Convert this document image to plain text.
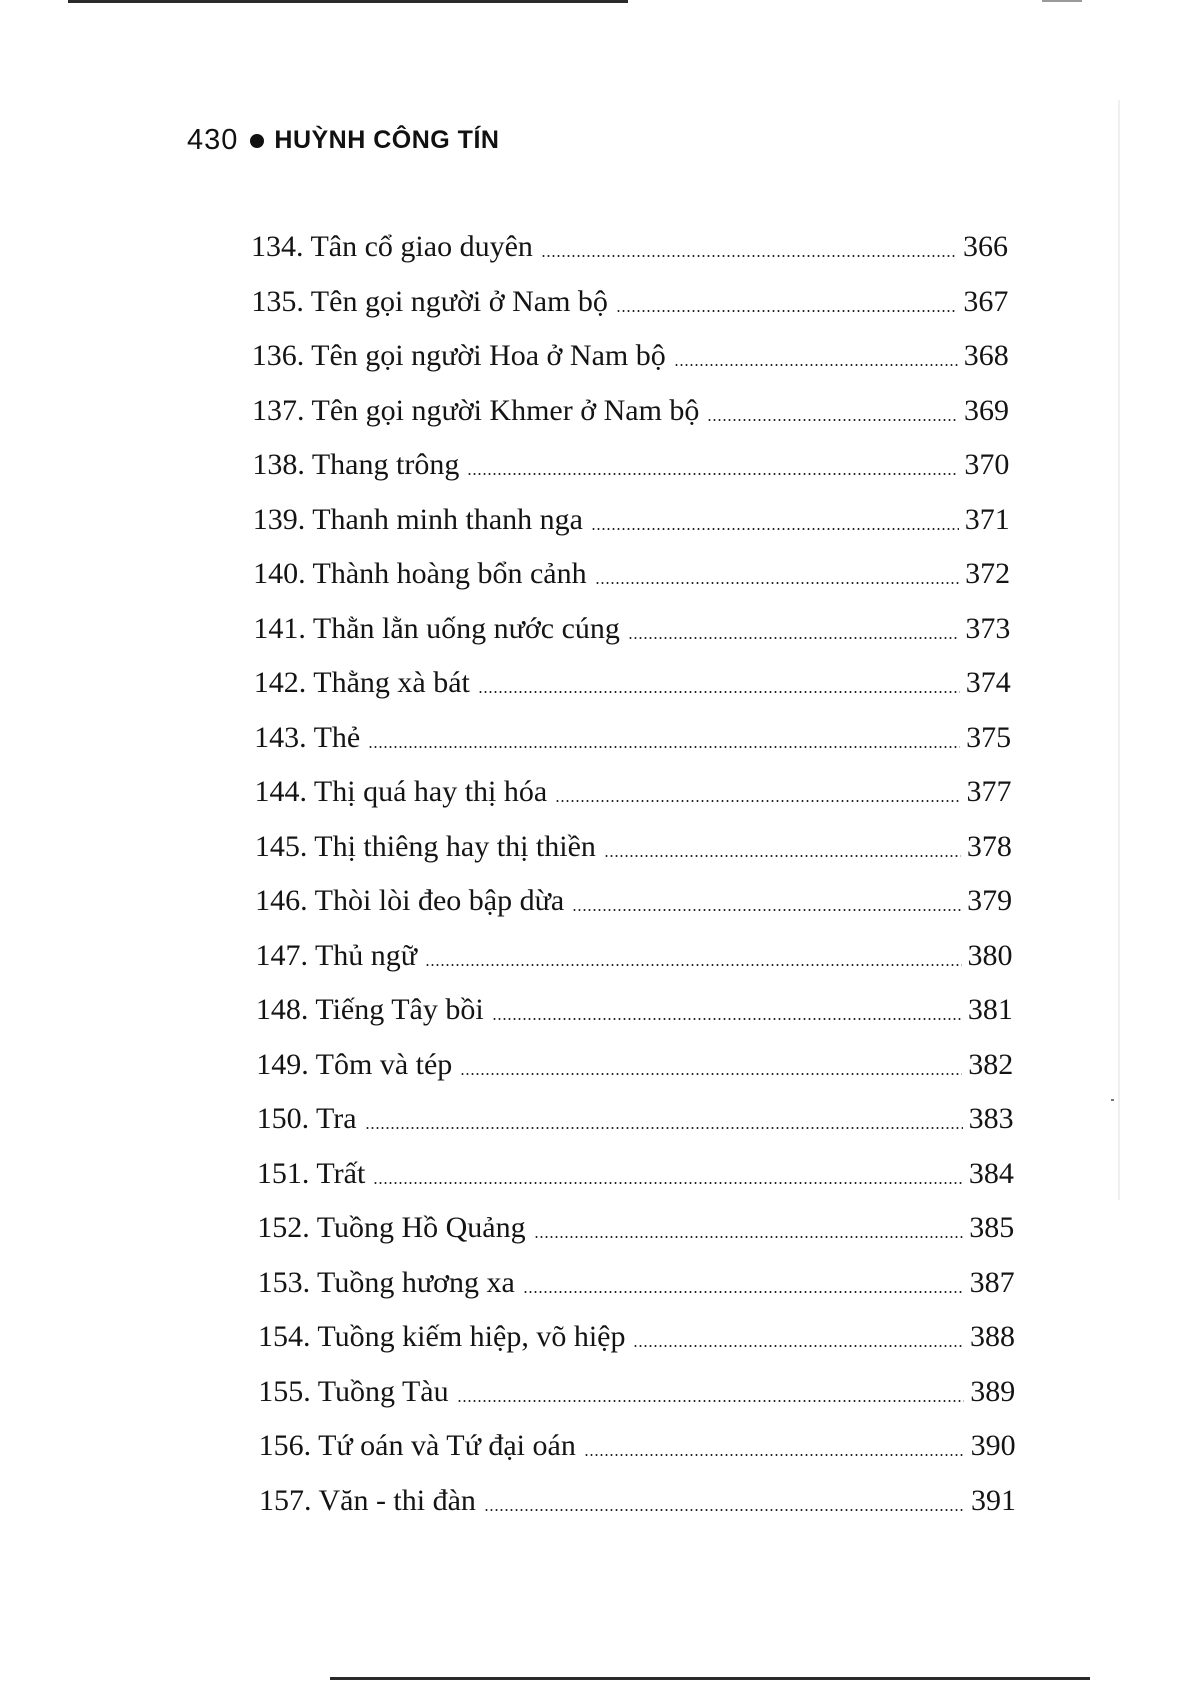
430 HUỲNH CÔNG TÍN
134. Tân cổ giao duyên	366
135. Tên gọi người ở Nam bộ	367
136. Tên gọi người Hoa ở Nam bộ	368
137. Tên gọi người Khmer ở Nam bộ	369
138. Thang trông	370
139. Thanh minh thanh nga	371
140. Thành hoàng bổn cảnh	372
141. Thằn lằn uống nước cúng	373
142. Thằng xà bát	374
143. Thẻ	375
144. Thị quá hay thị hóa	377
145. Thị thiêng hay thị thiền	378
146. Thòi lòi đeo bập dừa	379
147. Thủ ngữ	380
148. Tiếng Tây bồi	381
149. Tôm và tép	382
150. Tra	383
151. Trất	384
152. Tuồng Hồ Quảng	385
153. Tuồng hương xa	387
154. Tuồng kiếm hiệp, võ hiệp	388
155. Tuồng Tàu	389
156. Tứ oán và Tứ đại oán	390
157. Văn - thi đàn	391
